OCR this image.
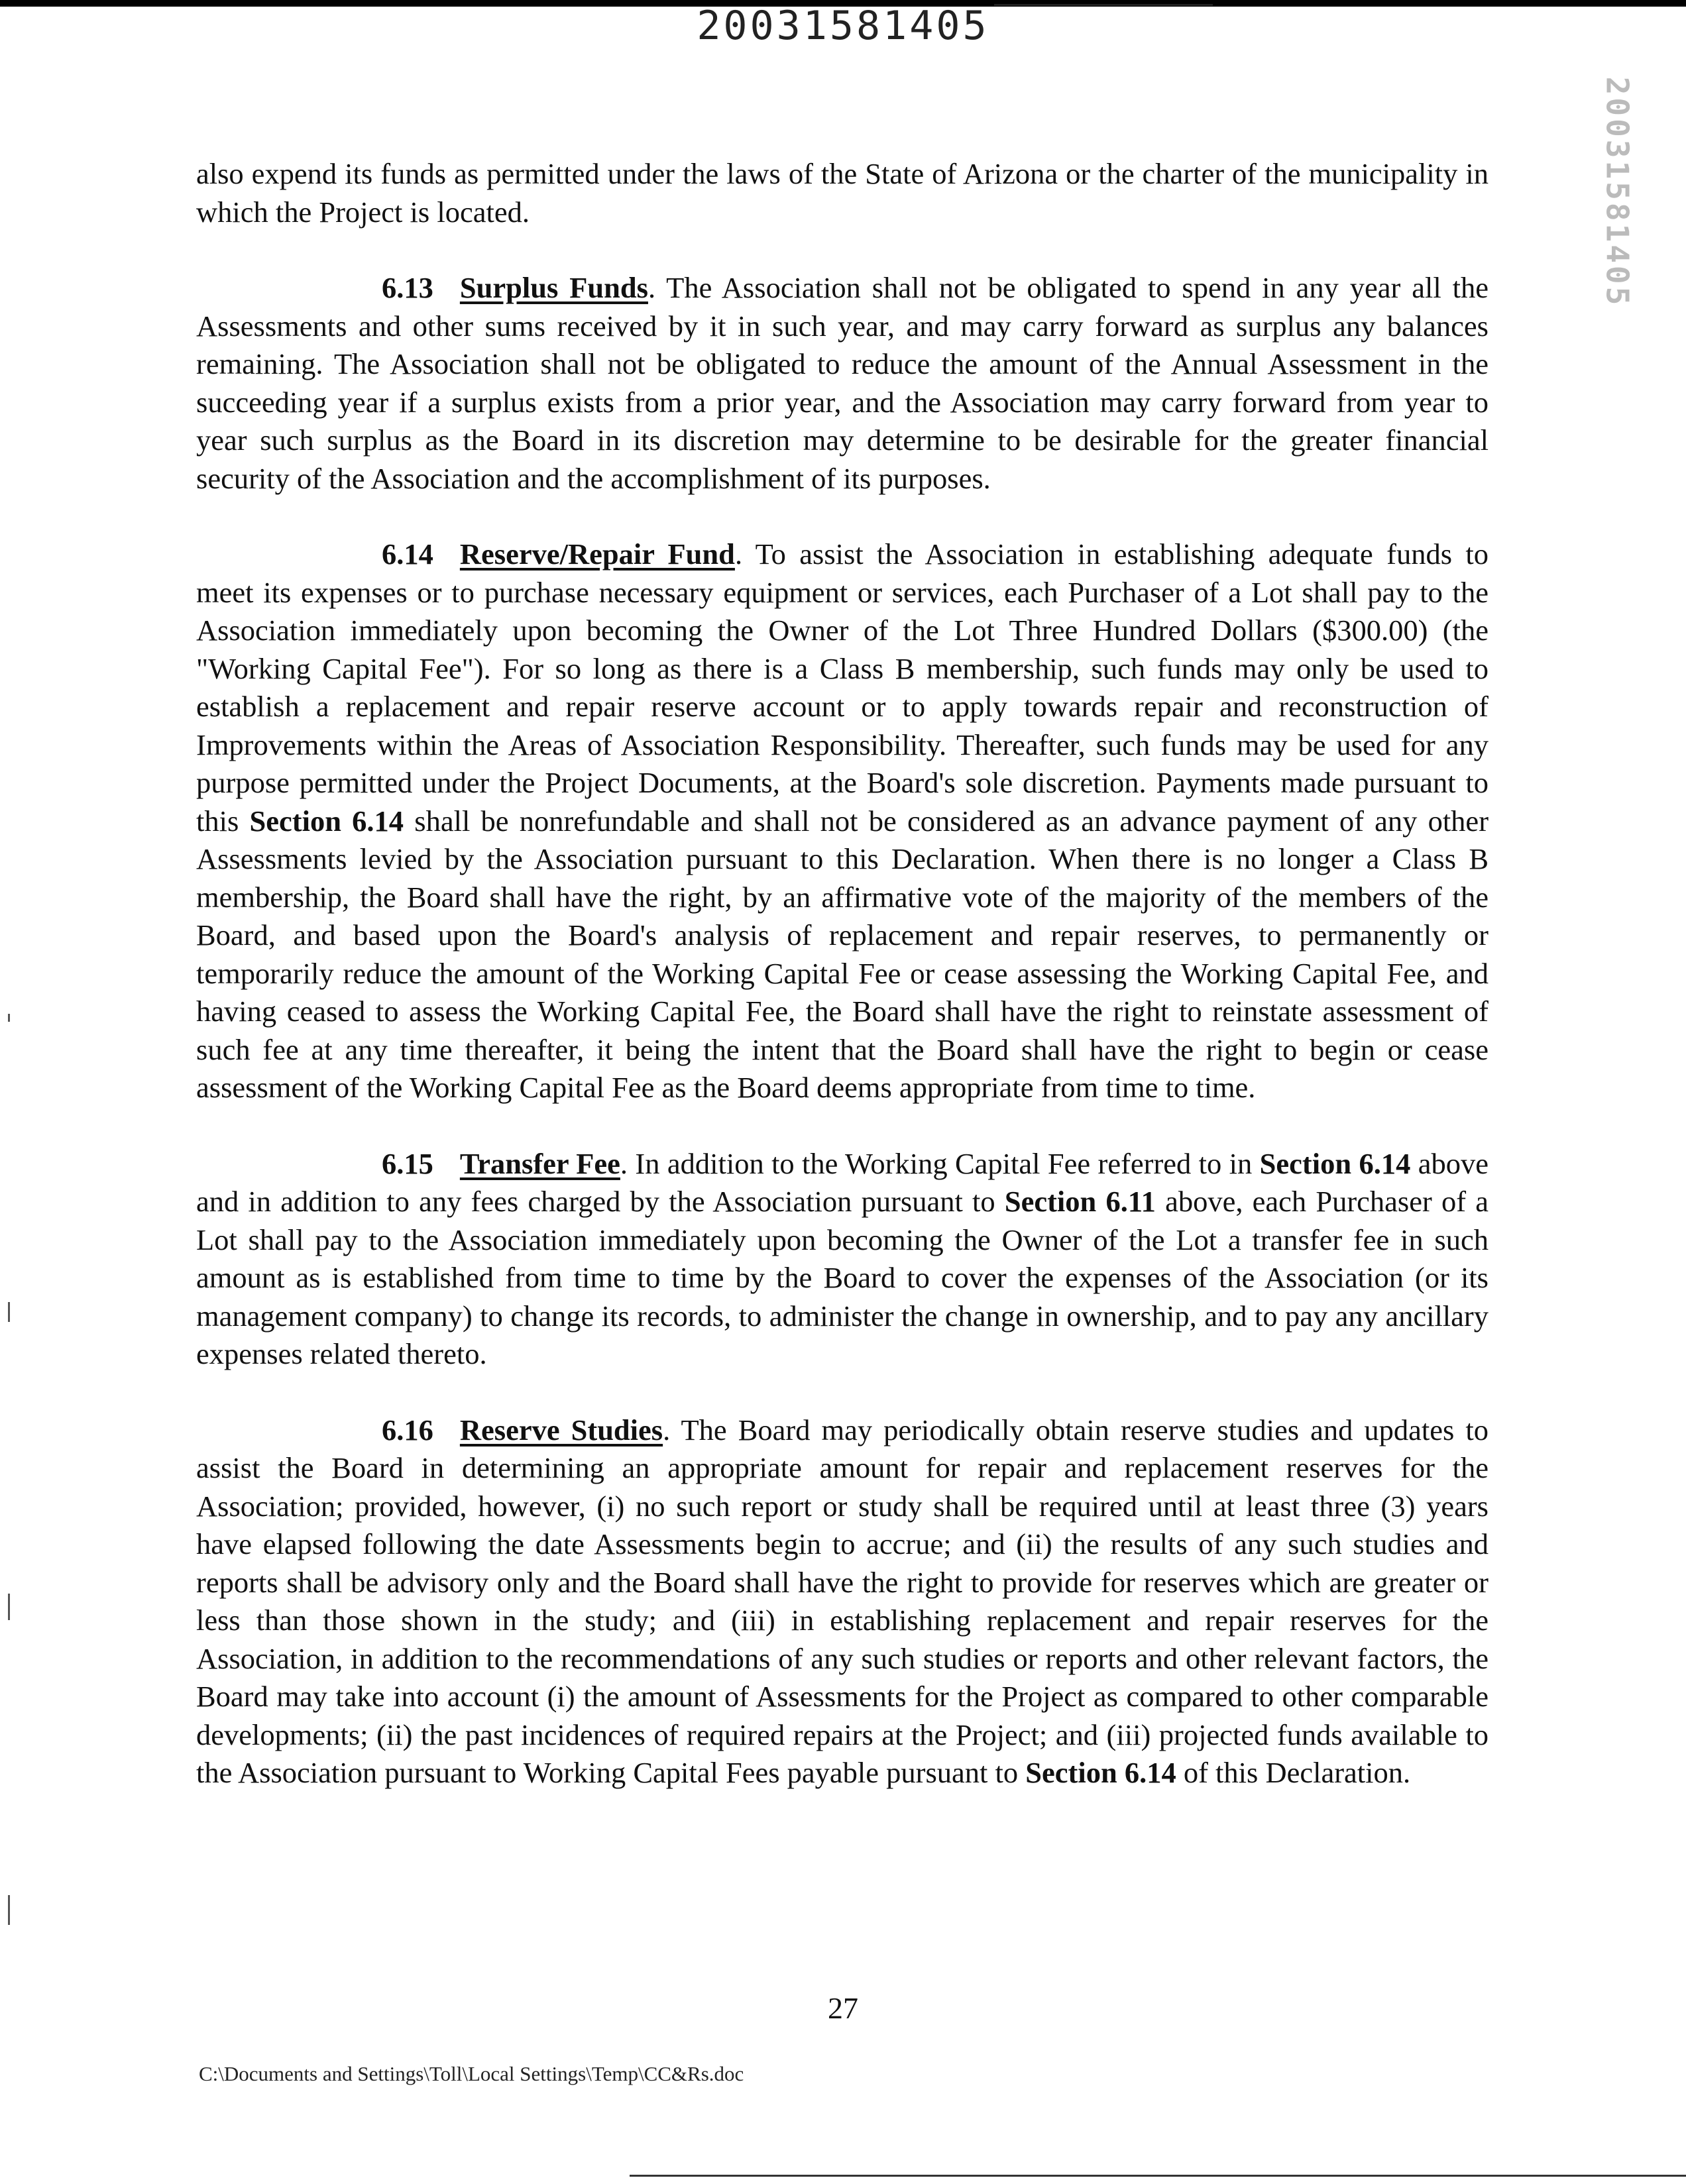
20031581405
20031581405

also expend its funds as permitted under the laws of the State of Arizona or the charter of the municipality in which the Project is located.

6.13 Surplus Funds. The Association shall not be obligated to spend in any year all the Assessments and other sums received by it in such year, and may carry forward as surplus any balances remaining. The Association shall not be obligated to reduce the amount of the Annual Assessment in the succeeding year if a surplus exists from a prior year, and the Association may carry forward from year to year such surplus as the Board in its discretion may determine to be desirable for the greater financial security of the Association and the accomplishment of its purposes.

6.14 Reserve/Repair Fund. To assist the Association in establishing adequate funds to meet its expenses or to purchase necessary equipment or services, each Purchaser of a Lot shall pay to the Association immediately upon becoming the Owner of the Lot Three Hundred Dollars ($300.00) (the "Working Capital Fee"). For so long as there is a Class B membership, such funds may only be used to establish a replacement and repair reserve account or to apply towards repair and reconstruction of Improvements within the Areas of Association Responsibility. Thereafter, such funds may be used for any purpose permitted under the Project Documents, at the Board's sole discretion. Payments made pursuant to this Section 6.14 shall be nonrefundable and shall not be considered as an advance payment of any other Assessments levied by the Association pursuant to this Declaration. When there is no longer a Class B membership, the Board shall have the right, by an affirmative vote of the majority of the members of the Board, and based upon the Board's analysis of replacement and repair reserves, to permanently or temporarily reduce the amount of the Working Capital Fee or cease assessing the Working Capital Fee, and having ceased to assess the Working Capital Fee, the Board shall have the right to reinstate assessment of such fee at any time thereafter, it being the intent that the Board shall have the right to begin or cease assessment of the Working Capital Fee as the Board deems appropriate from time to time.

6.15 Transfer Fee. In addition to the Working Capital Fee referred to in Section 6.14 above and in addition to any fees charged by the Association pursuant to Section 6.11 above, each Purchaser of a Lot shall pay to the Association immediately upon becoming the Owner of the Lot a transfer fee in such amount as is established from time to time by the Board to cover the expenses of the Association (or its management company) to change its records, to administer the change in ownership, and to pay any ancillary expenses related thereto.

6.16 Reserve Studies. The Board may periodically obtain reserve studies and updates to assist the Board in determining an appropriate amount for repair and replacement reserves for the Association; provided, however, (i) no such report or study shall be required until at least three (3) years have elapsed following the date Assessments begin to accrue; and (ii) the results of any such studies and reports shall be advisory only and the Board shall have the right to provide for reserves which are greater or less than those shown in the study; and (iii) in establishing replacement and repair reserves for the Association, in addition to the recommendations of any such studies or reports and other relevant factors, the Board may take into account (i) the amount of Assessments for the Project as compared to other comparable developments; (ii) the past incidences of required repairs at the Project; and (iii) projected funds available to the Association pursuant to Working Capital Fees payable pursuant to Section 6.14 of this Declaration.

27
C:\Documents and Settings\Toll\Local Settings\Temp\CC&Rs.doc
